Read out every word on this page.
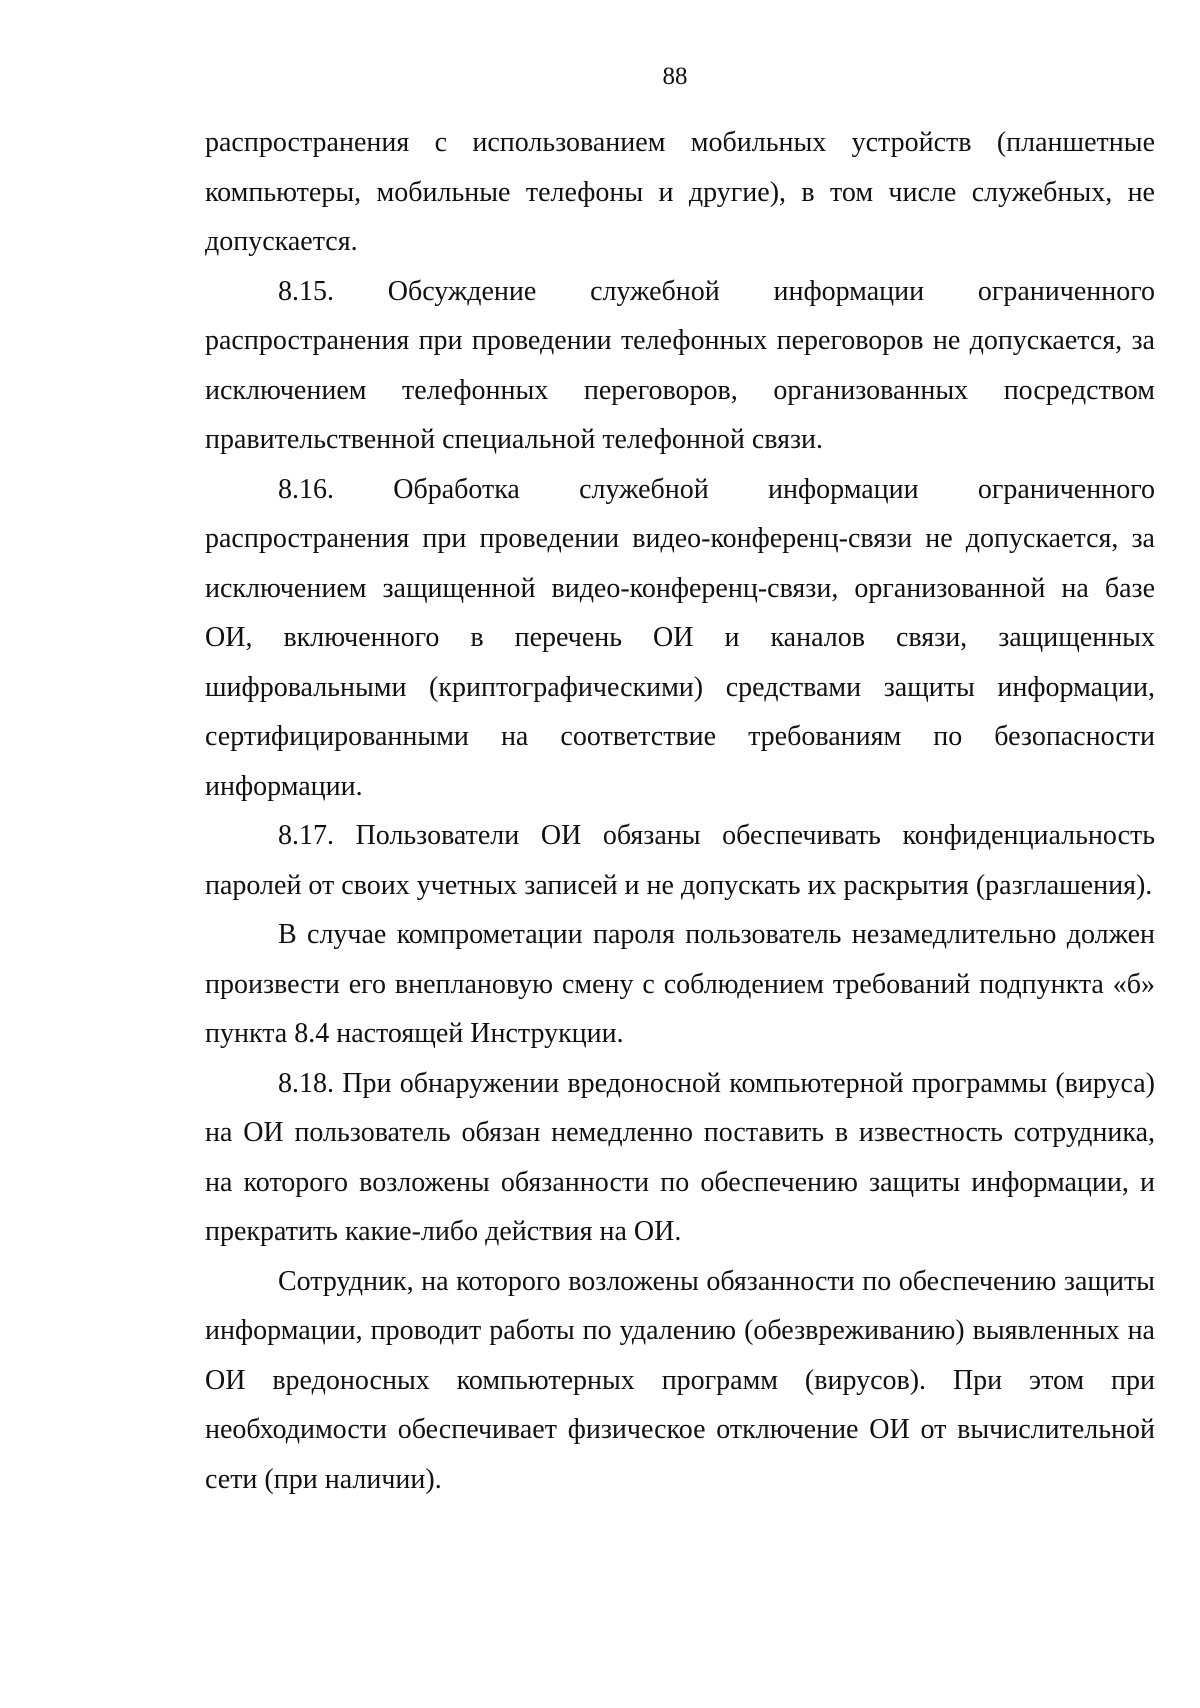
88

распространения с использованием мобильных устройств (планшетные компьютеры, мобильные телефоны и другие), в том числе служебных, не допускается.

8.15. Обсуждение служебной информации ограниченного распространения при проведении телефонных переговоров не допускается, за исключением телефонных переговоров, организованных посредством правительственной специальной телефонной связи.

8.16. Обработка служебной информации ограниченного распространения при проведении видео-конференц-связи не допускается, за исключением защищенной видео-конференц-связи, организованной на базе ОИ, включенного в перечень ОИ и каналов связи, защищенных шифровальными (криптографическими) средствами защиты информации, сертифицированными на соответствие требованиям по безопасности информации.

8.17. Пользователи ОИ обязаны обеспечивать конфиденциальность паролей от своих учетных записей и не допускать их раскрытия (разглашения).

В случае компрометации пароля пользователь незамедлительно должен произвести его внеплановую смену с соблюдением требований подпункта «б» пункта 8.4 настоящей Инструкции.

8.18. При обнаружении вредоносной компьютерной программы (вируса) на ОИ пользователь обязан немедленно поставить в известность сотрудника, на которого возложены обязанности по обеспечению защиты информации, и прекратить какие-либо действия на ОИ.

Сотрудник, на которого возложены обязанности по обеспечению защиты информации, проводит работы по удалению (обезвреживанию) выявленных на ОИ вредоносных компьютерных программ (вирусов). При этом при необходимости обеспечивает физическое отключение ОИ от вычислительной сети (при наличии).
